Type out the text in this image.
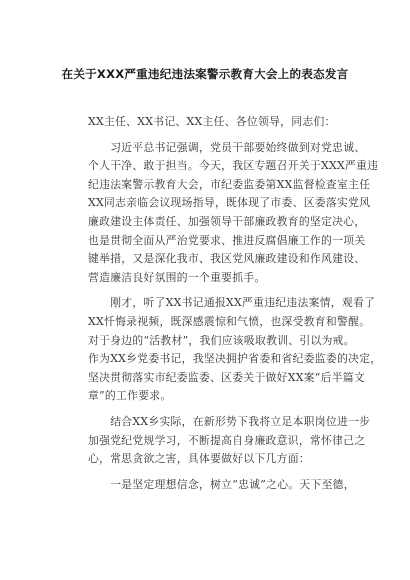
在关于XXX严重违纪违法案警示教育大会上的表态发言
XX主任、XX书记、XX主任、各位领导，同志们：
　　习近平总书记强调，党员干部要始终做到对党忠诚、
个人干净、敢于担当。今天，我区专题召开关于XXX严重违
纪违法案警示教育大会，市纪委监委第XX监督检查室主任
XX同志亲临会议现场指导，既体现了市委、区委落实党风
廉政建设主体责任、加强领导干部廉政教育的坚定决心，
也是贯彻全面从严治党要求、推进反腐倡廉工作的一项关
键举措，又是深化我市、我区党风廉政建设和作风建设、
营造廉洁良好氛围的一个重要抓手。
　　刚才，听了XX书记通报XX严重违纪违法案情，观看了
XX忏悔录视频，既深感震惊和气愤，也深受教育和警醒。
对于身边的“活教材”，我们应该吸取教训、引以为戒。
作为XX乡党委书记，我坚决拥护省委和省纪委监委的决定，
坚决贯彻落实市纪委监委、区委关于做好XX案“后半篇文
章”的工作要求。
　　结合XX乡实际，在新形势下我将立足本职岗位进一步
加强党纪党规学习，不断提高自身廉政意识，常怀律己之
心，常思贪欲之害，具体要做好以下几方面：
　　一是坚定理想信念，树立“忠诚”之心。天下至德，
